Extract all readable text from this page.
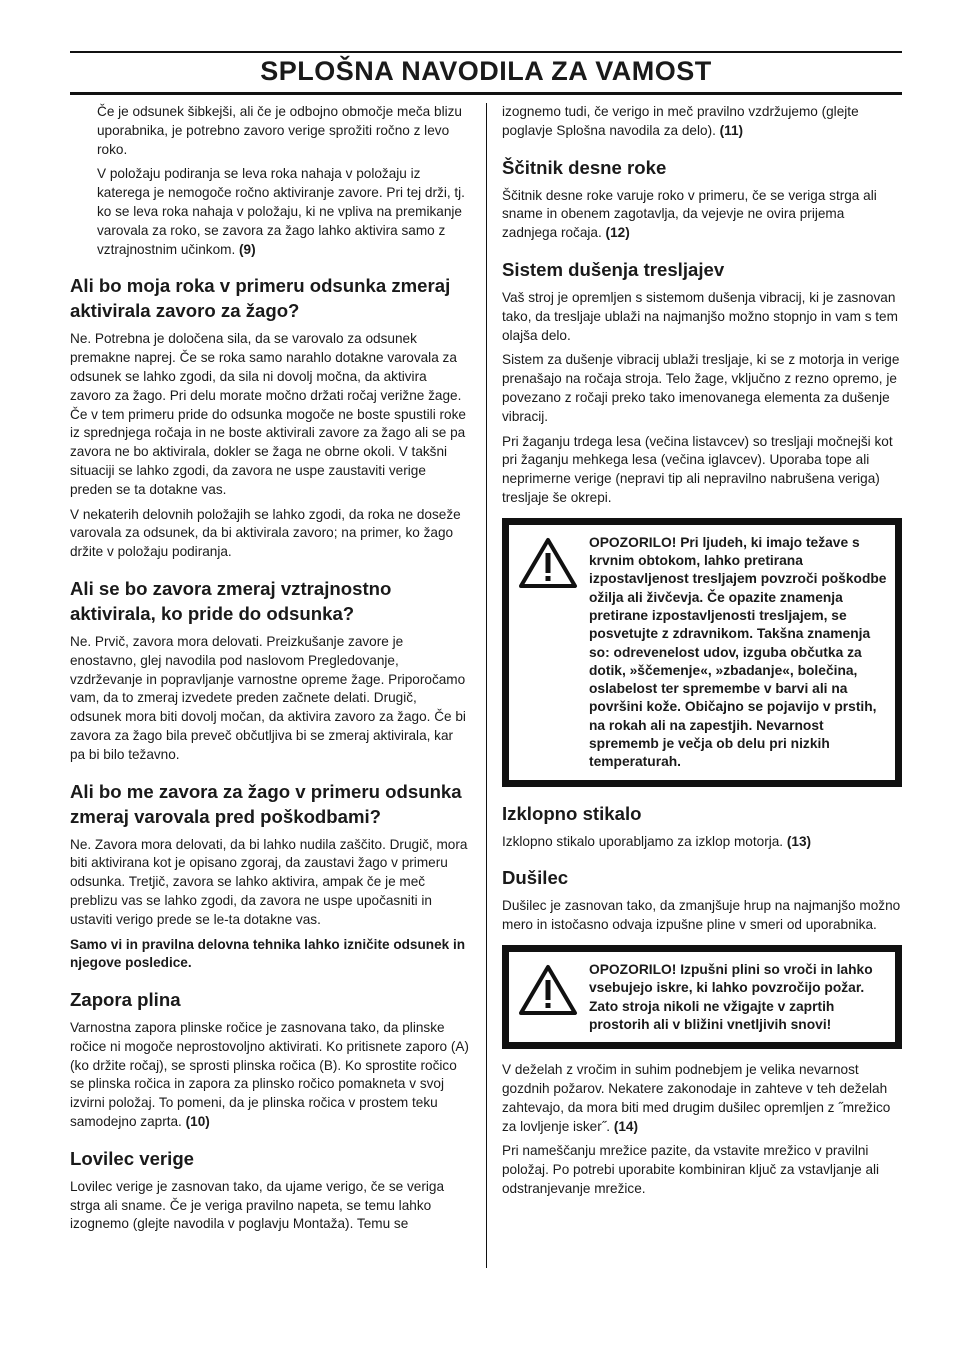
SPLOŠNA NAVODILA ZA VAMOST

Če je odsunek šibkejši, ali če je odbojno območje meča blizu uporabnika, je potrebno zavoro verige sprožiti ročno z levo roko.

V položaju podiranja se leva roka nahaja v položaju iz katerega je nemogoče ročno aktiviranje zavore. Pri tej drži, tj. ko se leva roka nahaja v položaju, ki ne vpliva na premikanje varovala za roko, se zavora za žago lahko aktivira samo z vztrajnostnim učinkom. (9)

Ali bo moja roka v primeru odsunka zmeraj aktivirala zavoro za žago?

Ne. Potrebna je določena sila, da se varovalo za odsunek premakne naprej. Če se roka samo narahlo dotakne varovala za odsunek se lahko zgodi, da sila ni dovolj močna, da aktivira zavoro za žago. Pri delu morate močno držati ročaj verižne žage. Če v tem primeru pride do odsunka mogoče ne boste spustili roke iz sprednjega ročaja in ne boste aktivirali zavore za žago ali se pa zavora ne bo aktivirala, dokler se žaga ne obrne okoli. V takšni situaciji se lahko zgodi, da zavora ne uspe zaustaviti verige preden se ta dotakne vas.

V nekaterih delovnih položajih se lahko zgodi, da roka ne doseže varovala za odsunek, da bi aktivirala zavoro; na primer, ko žago držite v položaju podiranja.

Ali se bo zavora zmeraj vztrajnostno aktivirala, ko pride do odsunka?

Ne. Prvič, zavora mora delovati. Preizkušanje zavore je enostavno, glej navodila pod naslovom Pregledovanje, vzdrževanje in popravljanje varnostne opreme žage. Priporočamo vam, da to zmeraj izvedete preden začnete delati. Drugič, odsunek mora biti dovolj močan, da aktivira zavoro za žago. Če bi zavora za žago bila preveč občutljiva bi se zmeraj aktivirala, kar pa bi bilo težavno.

Ali bo me zavora za žago v primeru odsunka zmeraj varovala pred poškodbami?

Ne. Zavora mora delovati, da bi lahko nudila zaščito. Drugič, mora biti aktivirana kot je opisano zgoraj, da zaustavi žago v primeru odsunka. Tretjič, zavora se lahko aktivira, ampak če je meč preblizu vas se lahko zgodi, da zavora ne uspe upočasniti in ustaviti verigo prede se le-ta dotakne vas.

Samo vi in pravilna delovna tehnika lahko izničite odsunek in njegove posledice.

Zapora plina

Varnostna zapora plinske ročice je zasnovana tako, da plinske ročice ni mogoče neprostovoljno aktivirati. Ko pritisnete zaporo (A) (ko držite ročaj), se sprosti plinska ročica (B). Ko sprostite ročico se plinska ročica in zapora za plinsko ročico pomakneta v svoj izvirni položaj. To pomeni, da je plinska ročica v prostem teku samodejno zaprta. (10)

Lovilec verige

Lovilec verige je zasnovan tako, da ujame verigo, če se veriga strga ali sname. Če je veriga pravilno napeta, se temu lahko izognemo (glejte navodila v poglavju Montaža). Temu se

izognemo tudi, če verigo in meč pravilno vzdržujemo (glejte poglavje Splošna navodila za delo). (11)

Ščitnik desne roke

Ščitnik desne roke varuje roko v primeru, če se veriga strga ali sname in obenem zagotavlja, da vejevje ne ovira prijema zadnjega ročaja. (12)

Sistem dušenja tresljajev

Vaš stroj je opremljen s sistemom dušenja vibracij, ki je zasnovan tako, da tresljaje ublaži na najmanjšo možno stopnjo in vam s tem olajša delo.

Sistem za dušenje vibracij ublaži tresljaje, ki se z motorja in verige prenašajo na ročaja stroja. Telo žage, vključno z rezno opremo, je povezano z ročaji preko tako imenovanega elementa za dušenje vibracij.

Pri žaganju trdega lesa (večina listavcev) so tresljaji močnejši kot pri žaganju mehkega lesa (večina iglavcev). Uporaba tope ali neprimerne verige (nepravi tip ali nepravilno nabrušena veriga) tresljaje še okrepi.

OPOZORILO! Pri ljudeh, ki imajo težave s krvnim obtokom, lahko pretirana izpostavljenost tresljajem povzroči poškodbe ožilja ali živčevja. Če opazite znamenja pretirane izpostavljenosti tresljajem, se posvetujte z zdravnikom. Takšna znamenja so: odrevenelost udov, izguba občutka za dotik, »ščemenje«, »zbadanje«, bolečina, oslabelost ter spremembe v barvi ali na površini kože. Običajno se pojavijo v prstih, na rokah ali na zapestjih. Nevarnost sprememb je večja ob delu pri nizkih temperaturah.
Izklopno stikalo

Izklopno stikalo uporabljamo za izklop motorja. (13)

Dušilec

Dušilec je zasnovan tako, da zmanjšuje hrup na najmanjšo možno mero in istočasno odvaja izpušne pline v smeri od uporabnika.

OPOZORILO! Izpušni plini so vroči in lahko vsebujejo iskre, ki lahko povzročijo požar. Zato stroja nikoli ne vžigajte v zaprtih prostorih ali v bližini vnetljivih snovi!

V deželah z vročim in suhim podnebjem je velika nevarnost gozdnih požarov. Nekatere zakonodaje in zahteve v teh deželah zahtevajo, da mora biti med drugim dušilec opremljen z ˝mrežico za lovljenje isker˝. (14)

Pri nameščanju mrežice pazite, da vstavite mrežico v pravilni položaj. Po potrebi uporabite kombiniran ključ za vstavljanje ali odstranjevanje mrežice.
